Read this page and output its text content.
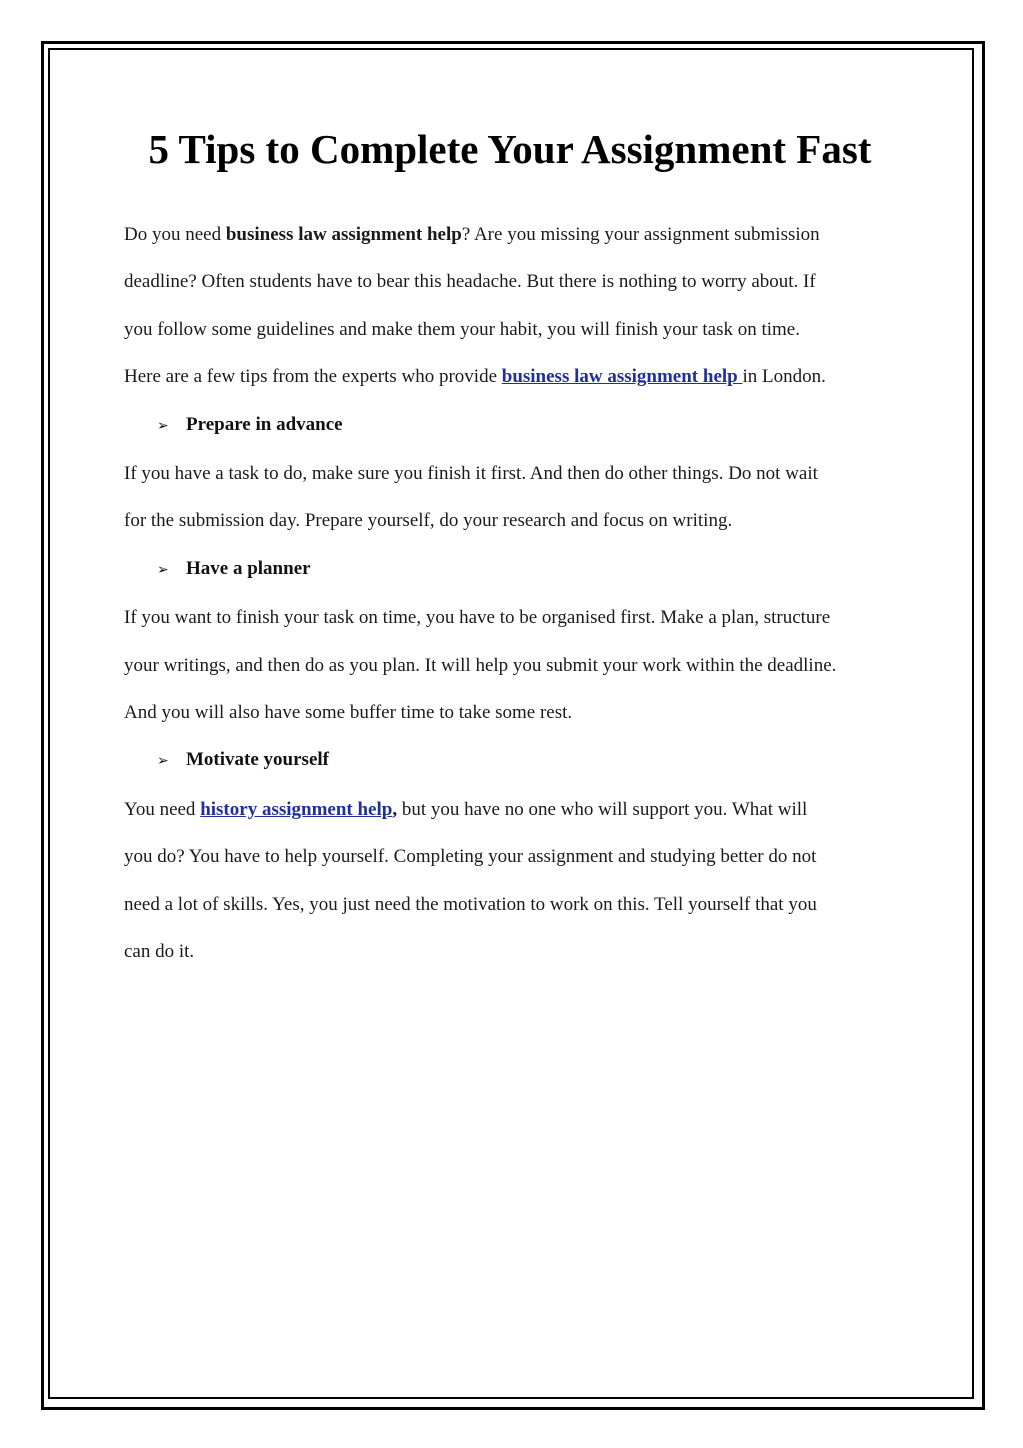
5 Tips to Complete Your Assignment Fast

Do you need business law assignment help? Are you missing your assignment submission
deadline? Often students have to bear this headache. But there is nothing to worry about. If
you follow some guidelines and make them your habit, you will finish your task on time.
Here are a few tips from the experts who provide business law assignment help in London.

➢ Prepare in advance

If you have a task to do, make sure you finish it first. And then do other things. Do not wait
for the submission day. Prepare yourself, do your research and focus on writing.

➢ Have a planner

If you want to finish your task on time, you have to be organised first. Make a plan, structure
your writings, and then do as you plan. It will help you submit your work within the deadline.
And you will also have some buffer time to take some rest.

➢ Motivate yourself

You need history assignment help, but you have no one who will support you. What will
you do? You have to help yourself. Completing your assignment and studying better do not
need a lot of skills. Yes, you just need the motivation to work on this. Tell yourself that you
can do it.
